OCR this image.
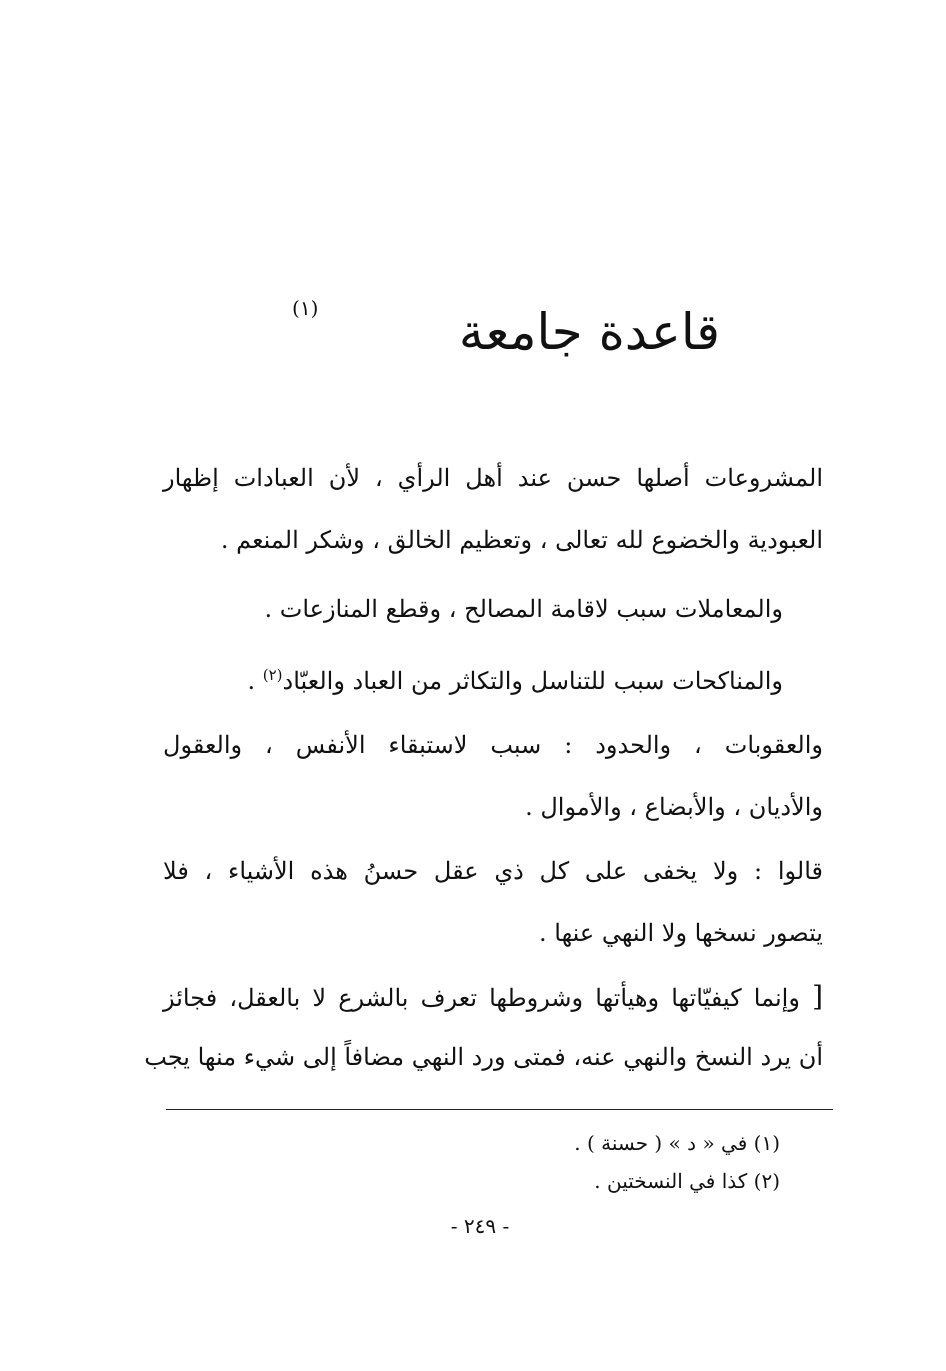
قاعدة جامعة
(١)
المشروعات أصلها حسن عند أهل الرأي ، لأن العبادات إظهار
العبودية والخضوع لله تعالى ، وتعظيم الخالق ، وشكر المنعم .
والمعاملات سبب لاقامة المصالح ، وقطع المنازعات .
والمناكحات سبب للتناسل والتكاثر من العباد والعبّاد$^{(٢)}$ .
والعقوبات ، والحدود : سبب لاستبقاء الأنفس ، والعقول
والأديان ، والأبضاع ، والأموال .
قالوا : ولا يخفى على كل ذي عقل حسنُ هذه الأشياء ، فلا
يتصور نسخها ولا النهي عنها .
[ وإنما كيفيّاتها وهيأتها وشروطها تعرف بالشرع لا بالعقل، فجائز
أن يرد النسخ والنهي عنه، فمتى ورد النهي مضافاً إلى شيء منها يجب
(١) في « د » ( حسنة ) .
(٢) كذا في النسختين .
- ٢٤٩ -
